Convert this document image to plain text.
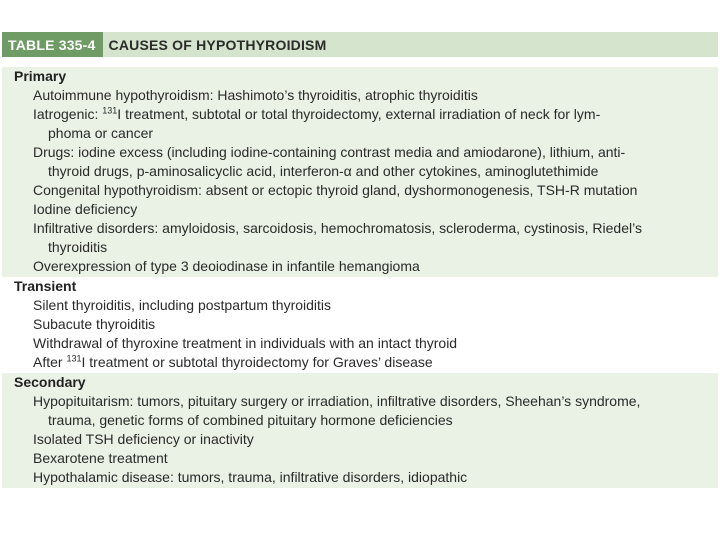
TABLE 335-4 CAUSES OF HYPOTHYROIDISM
Primary
Autoimmune hypothyroidism: Hashimoto’s thyroiditis, atrophic thyroiditis
Iatrogenic: $^{131}$I treatment, subtotal or total thyroidectomy, external irradiation of neck for lym-
phoma or cancer
Drugs: iodine excess (including iodine-containing contrast media and amiodarone), lithium, anti-
thyroid drugs, p-aminosalicyclic acid, interferon-α and other cytokines, aminoglutethimide
Congenital hypothyroidism: absent or ectopic thyroid gland, dyshormonogenesis, TSH-R mutation
Iodine deficiency
Infiltrative disorders: amyloidosis, sarcoidosis, hemochromatosis, scleroderma, cystinosis, Riedel’s
thyroiditis
Overexpression of type 3 deoiodinase in infantile hemangioma
Transient
Silent thyroiditis, including postpartum thyroiditis
Subacute thyroiditis
Withdrawal of thyroxine treatment in individuals with an intact thyroid
After $^{131}$I treatment or subtotal thyroidectomy for Graves’ disease
Secondary
Hypopituitarism: tumors, pituitary surgery or irradiation, infiltrative disorders, Sheehan’s syndrome,
trauma, genetic forms of combined pituitary hormone deficiencies
Isolated TSH deficiency or inactivity
Bexarotene treatment
Hypothalamic disease: tumors, trauma, infiltrative disorders, idiopathic
